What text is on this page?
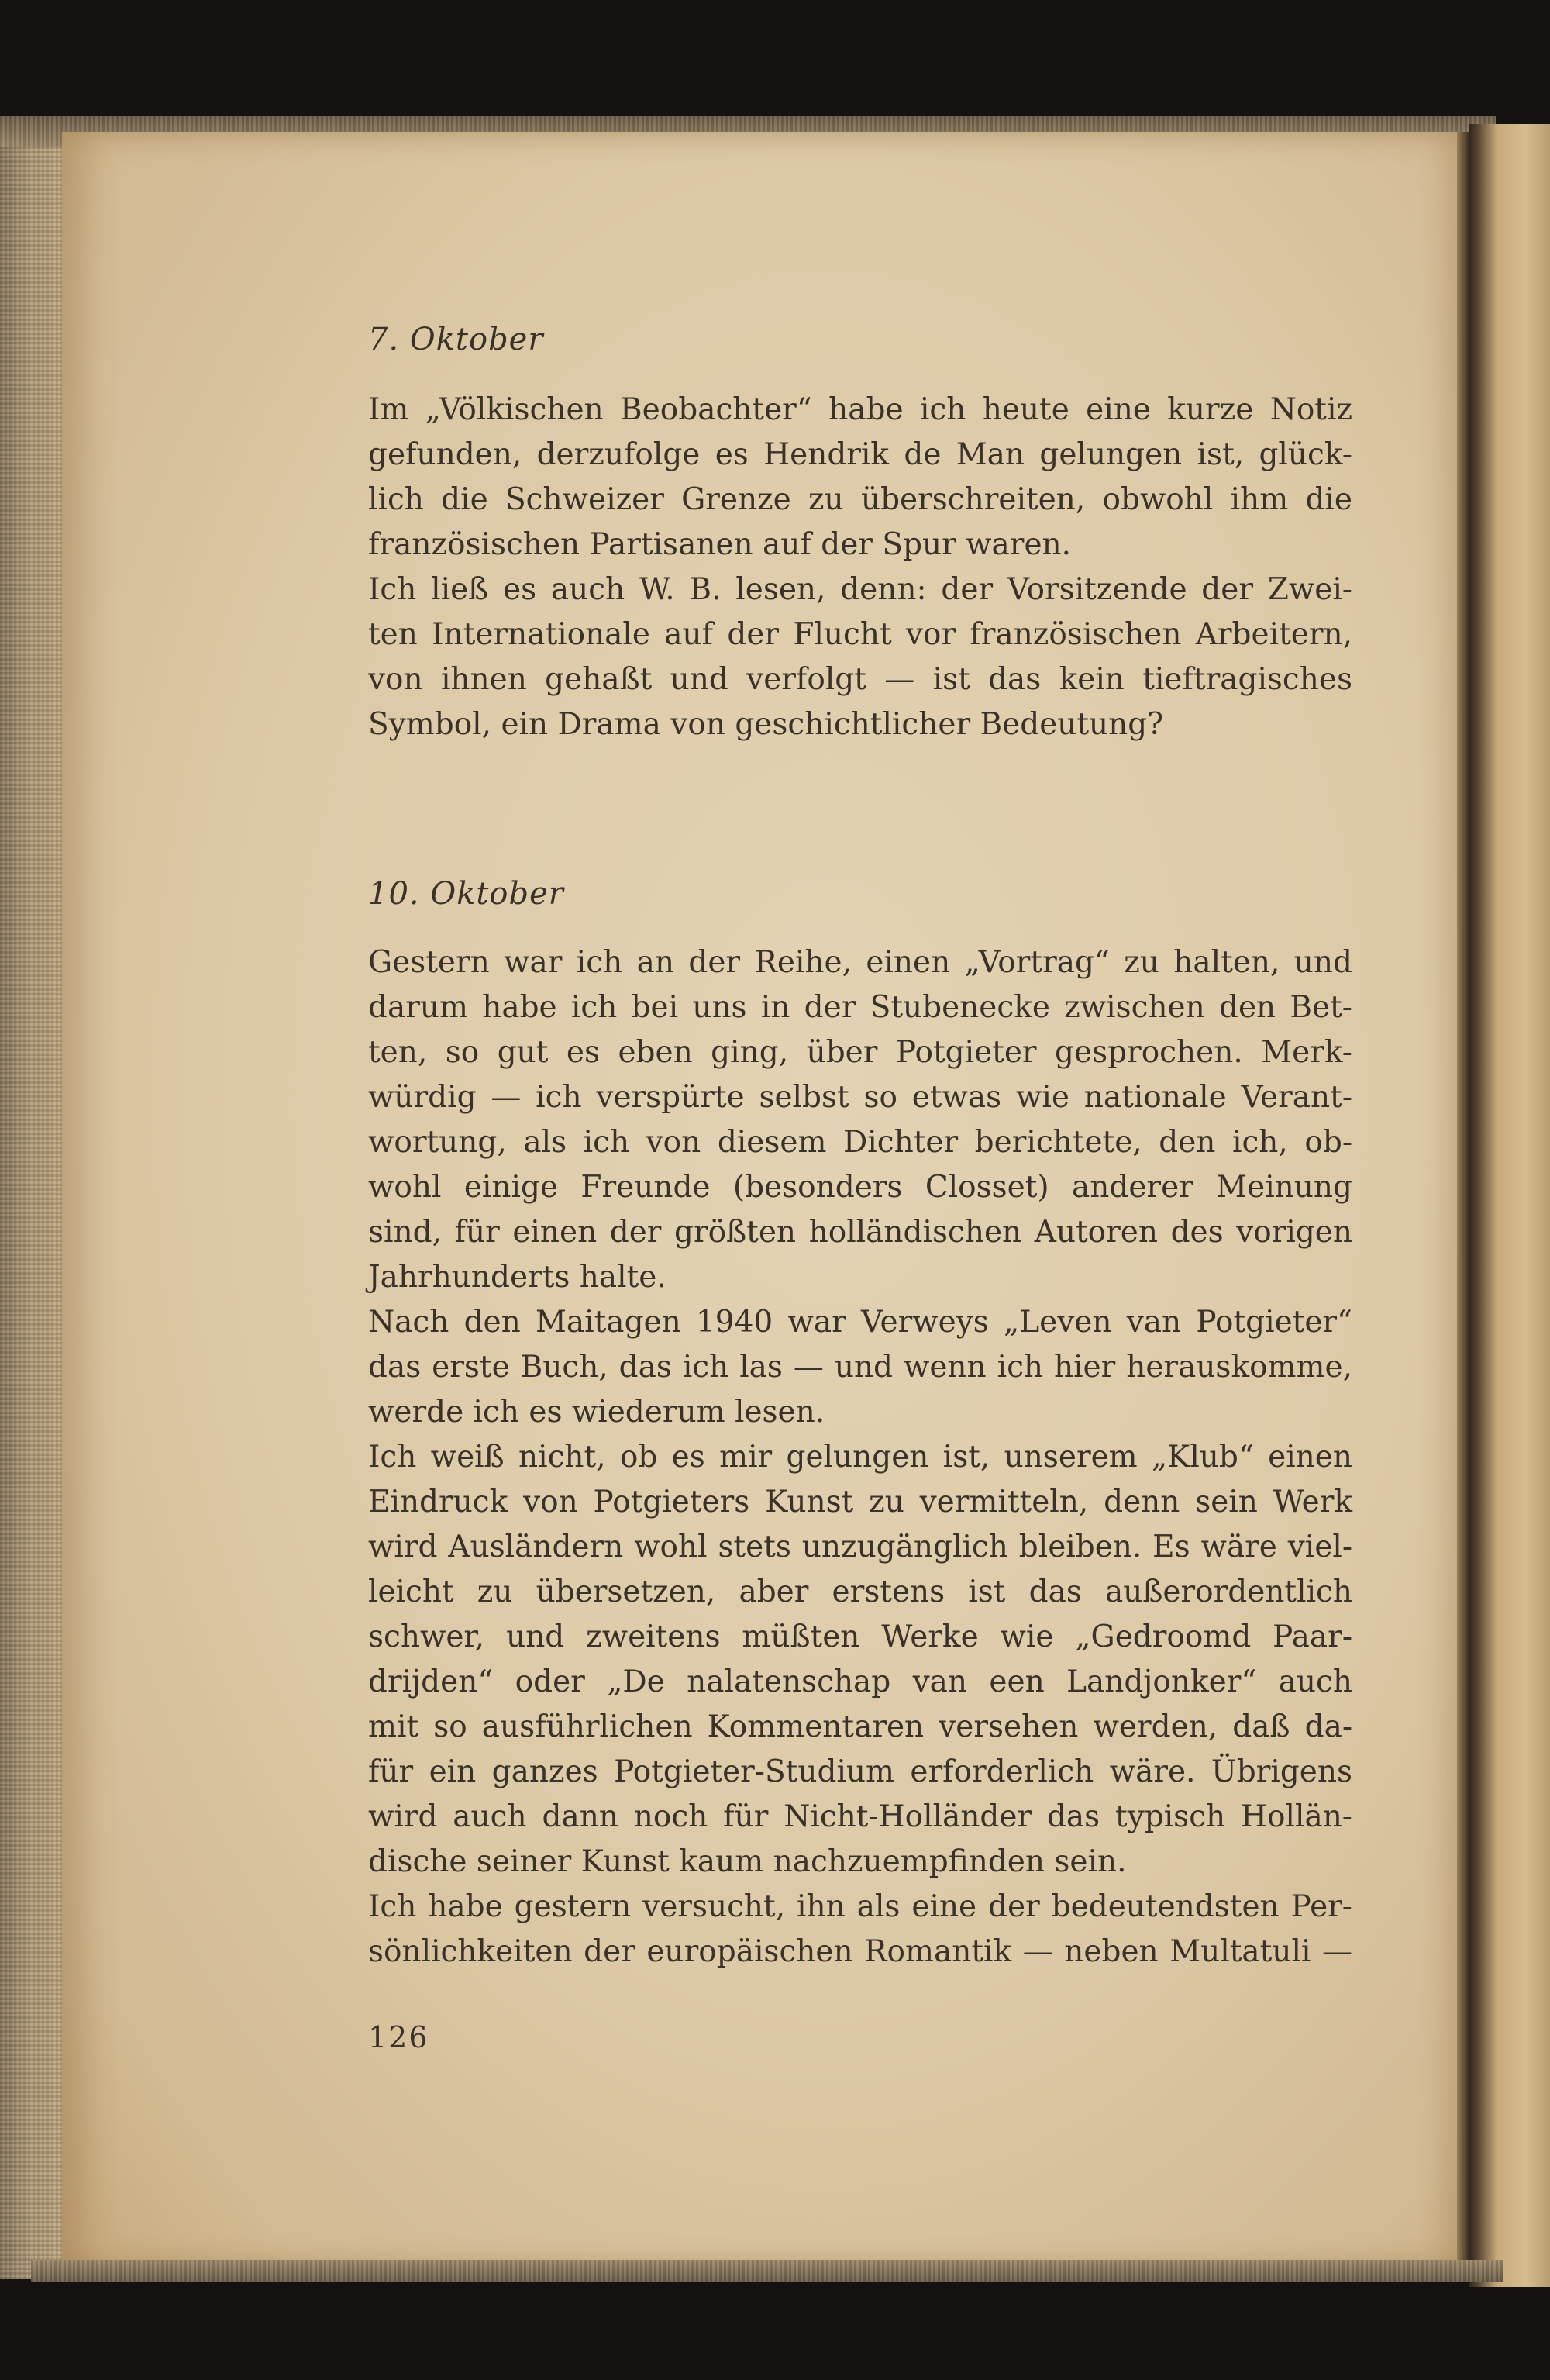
7. Oktober
Im „Völkischen Beobachter“ habe ich heute eine kurze Notiz
gefunden, derzufolge es Hendrik de Man gelungen ist, glück-
lich die Schweizer Grenze zu überschreiten, obwohl ihm die
französischen Partisanen auf der Spur waren.
Ich ließ es auch W. B. lesen, denn: der Vorsitzende der Zwei-
ten Internationale auf der Flucht vor französischen Arbeitern,
von ihnen gehaßt und verfolgt — ist das kein tieftragisches
Symbol, ein Drama von geschichtlicher Bedeutung?
10. Oktober
Gestern war ich an der Reihe, einen „Vortrag“ zu halten, und
darum habe ich bei uns in der Stubenecke zwischen den Bet-
ten, so gut es eben ging, über Potgieter gesprochen. Merk-
würdig — ich verspürte selbst so etwas wie nationale Verant-
wortung, als ich von diesem Dichter berichtete, den ich, ob-
wohl einige Freunde (besonders Closset) anderer Meinung
sind, für einen der größten holländischen Autoren des vorigen
Jahrhunderts halte.
Nach den Maitagen 1940 war Verweys „Leven van Potgieter“
das erste Buch, das ich las — und wenn ich hier herauskomme,
werde ich es wiederum lesen.
Ich weiß nicht, ob es mir gelungen ist, unserem „Klub“ einen
Eindruck von Potgieters Kunst zu vermitteln, denn sein Werk
wird Ausländern wohl stets unzugänglich bleiben. Es wäre viel-
leicht zu übersetzen, aber erstens ist das außerordentlich
schwer, und zweitens müßten Werke wie „Gedroomd Paar-
drijden“ oder „De nalatenschap van een Landjonker“ auch
mit so ausführlichen Kommentaren versehen werden, daß da-
für ein ganzes Potgieter-Studium erforderlich wäre. Übrigens
wird auch dann noch für Nicht-Holländer das typisch Hollän-
dische seiner Kunst kaum nachzuempfinden sein.
Ich habe gestern versucht, ihn als eine der bedeutendsten Per-
sönlichkeiten der europäischen Romantik — neben Multatuli —
126
